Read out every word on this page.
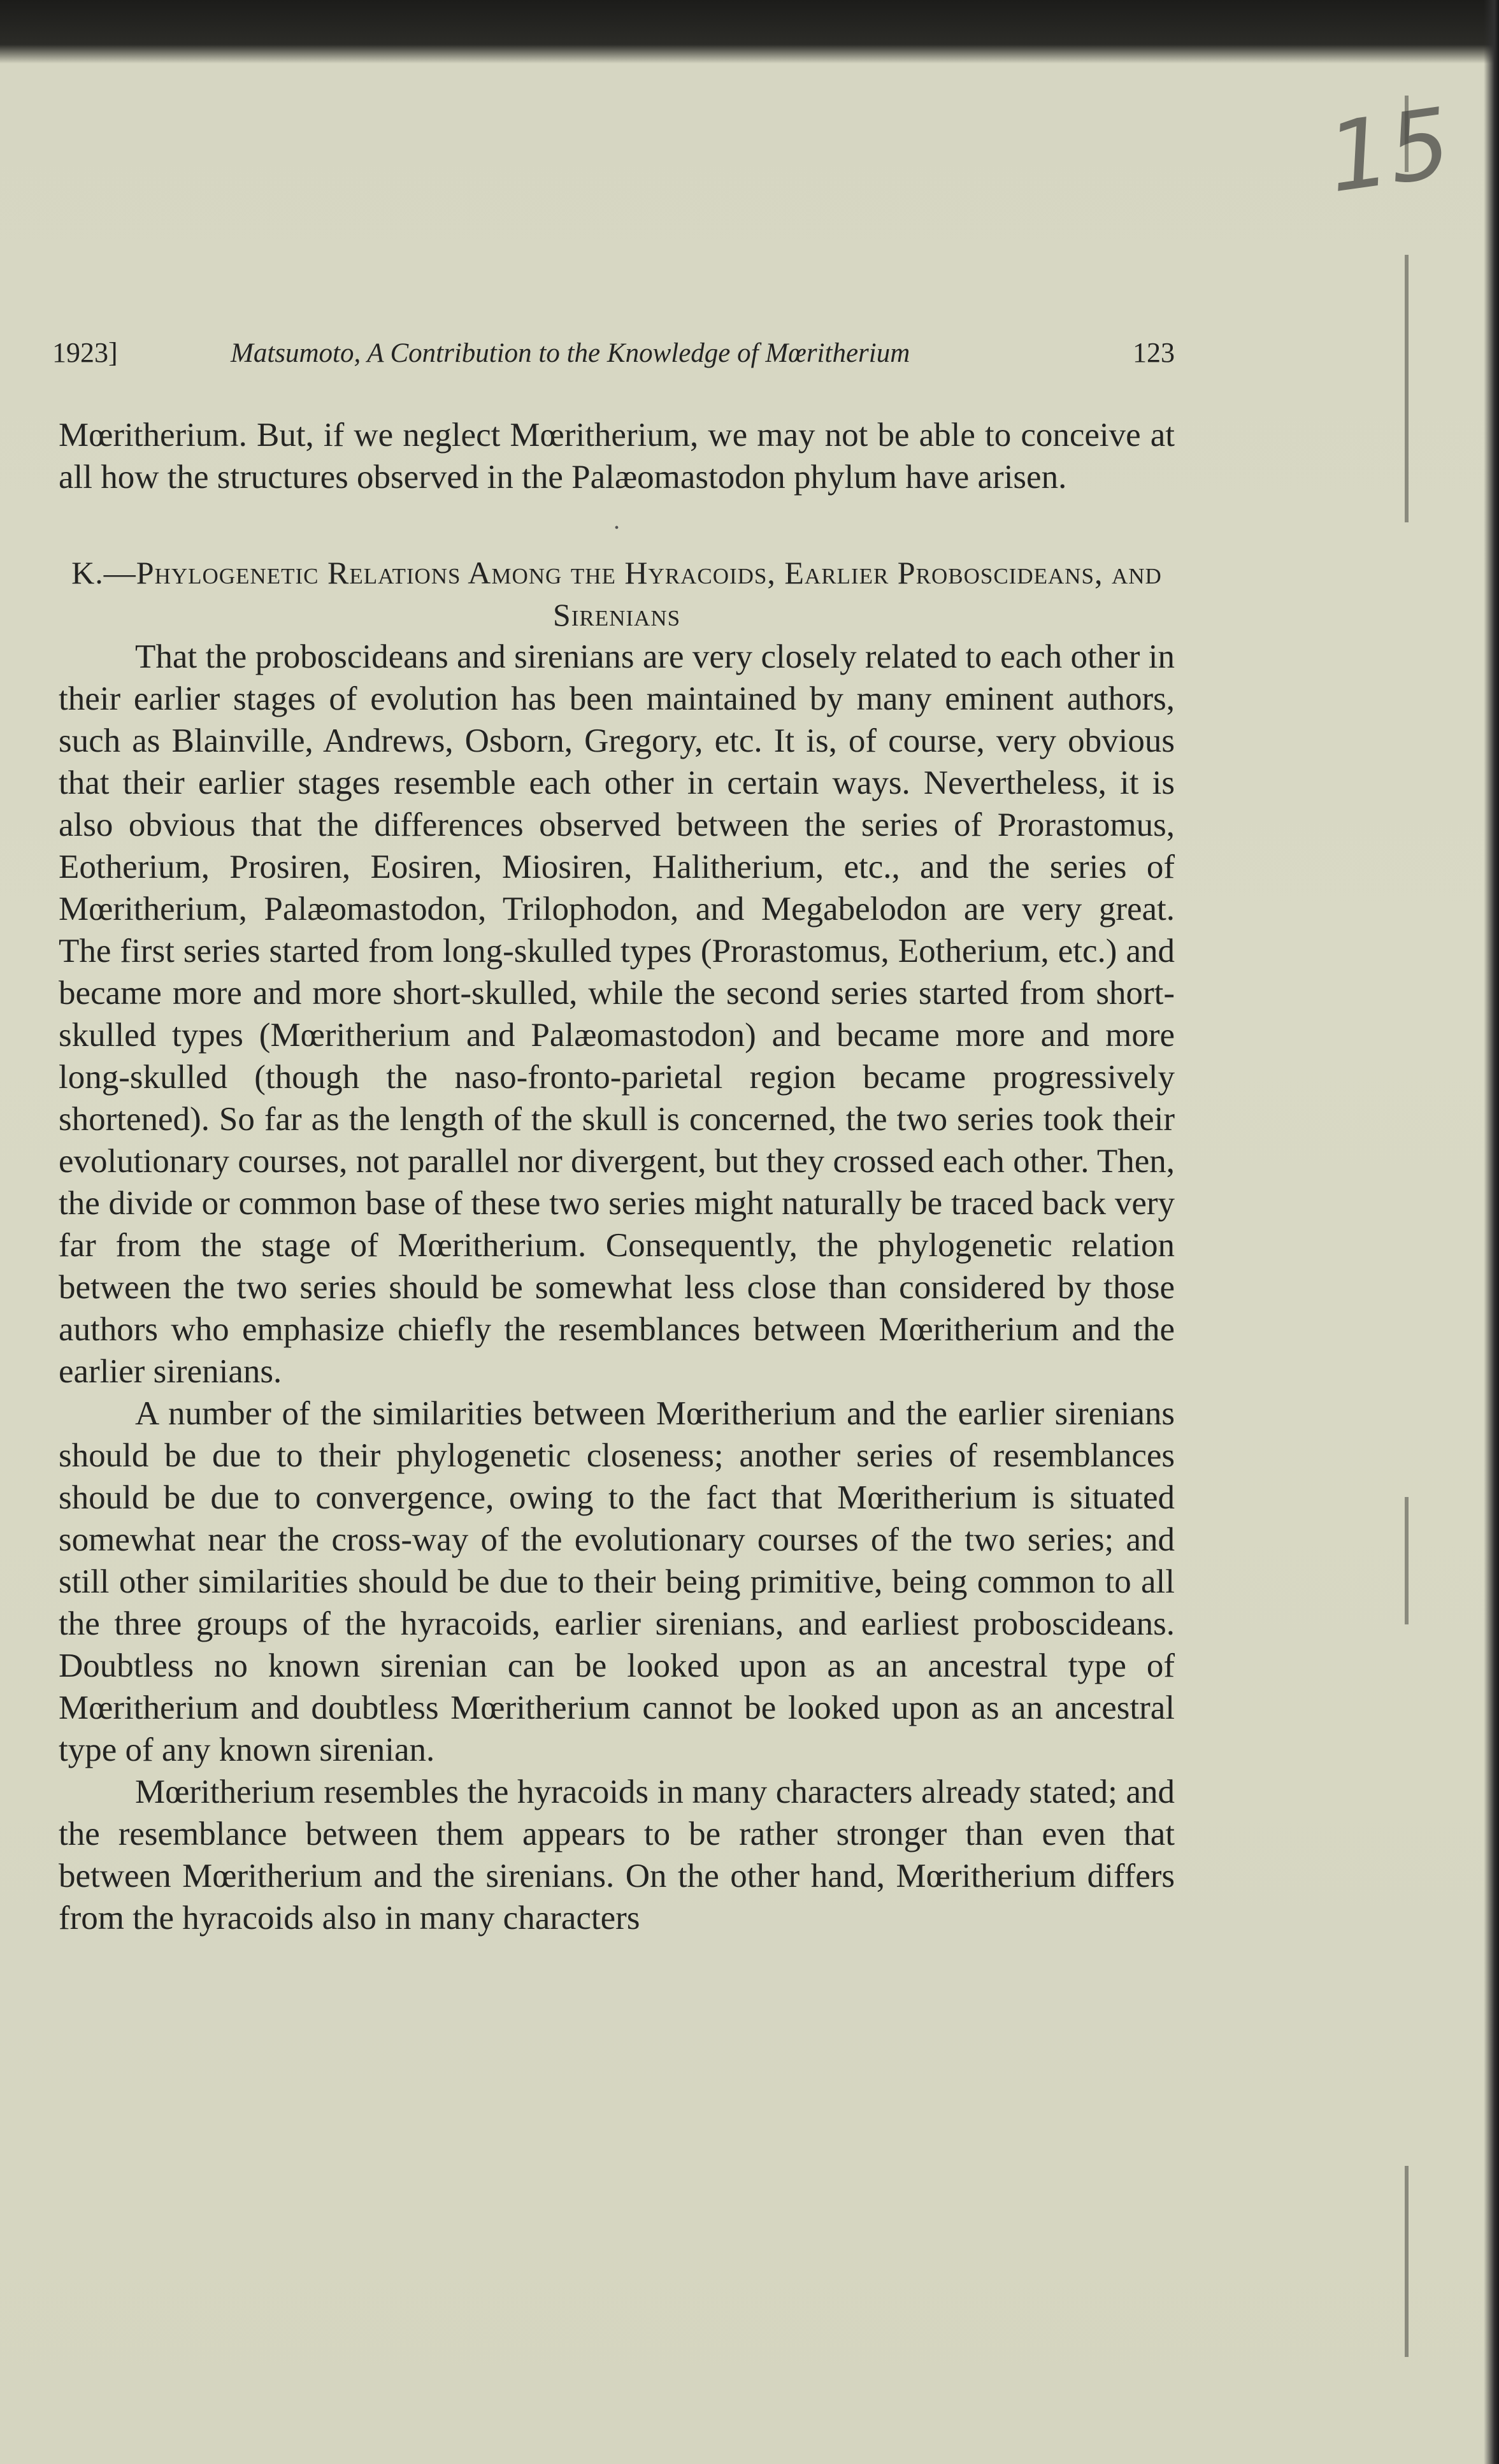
15
1923]	Matsumoto, A Contribution to the Knowledge of Mœritherium	123

Mœritherium. But, if we neglect Mœritherium, we may not be able to conceive at all how the structures observed in the Palæomastodon phylum have arisen.

•

K.—Phylogenetic Relations Among the Hyracoids, Earlier Proboscideans, and Sirenians

That the proboscideans and sirenians are very closely related to each other in their earlier stages of evolution has been maintained by many eminent authors, such as Blainville, Andrews, Osborn, Gregory, etc. It is, of course, very obvious that their earlier stages resemble each other in certain ways. Nevertheless, it is also obvious that the differences observed between the series of Prorastomus, Eotherium, Prosiren, Eosiren, Miosiren, Halitherium, etc., and the series of Mœritherium, Palæomastodon, Trilophodon, and Megabelodon are very great. The first series started from long-skulled types (Prorastomus, Eotherium, etc.) and became more and more short-skulled, while the second series started from short-skulled types (Mœritherium and Palæomastodon) and became more and more long-skulled (though the naso-fronto-parietal region became progressively shortened). So far as the length of the skull is concerned, the two series took their evolutionary courses, not parallel nor divergent, but they crossed each other. Then, the divide or common base of these two series might naturally be traced back very far from the stage of Mœritherium. Consequently, the phylogenetic relation between the two series should be somewhat less close than considered by those authors who emphasize chiefly the resemblances between Mœritherium and the earlier sirenians.

A number of the similarities between Mœritherium and the earlier sirenians should be due to their phylogenetic closeness; another series of resemblances should be due to convergence, owing to the fact that Mœritherium is situated somewhat near the cross-way of the evolutionary courses of the two series; and still other similarities should be due to their being primitive, being common to all the three groups of the hyracoids, earlier sirenians, and earliest proboscideans. Doubtless no known sirenian can be looked upon as an ancestral type of Mœritherium and doubtless Mœritherium cannot be looked upon as an ancestral type of any known sirenian.

Mœritherium resembles the hyracoids in many characters already stated; and the resemblance between them appears to be rather stronger than even that between Mœritherium and the sirenians. On the other hand, Mœritherium differs from the hyracoids also in many characters
